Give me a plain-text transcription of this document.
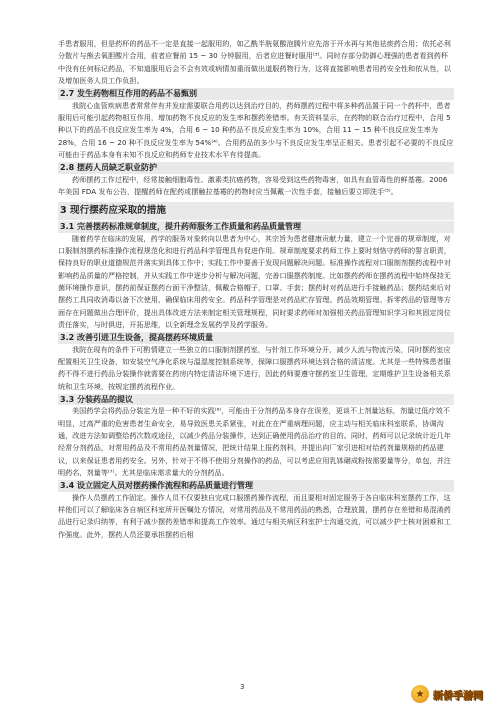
手患者服用，但是药杯的药品不一定是直接一起服用的，如乙酰半胱氨酸泡腾片应先溶于开水再与其他祛痰药合用；依托必利分散片与熊去氧胆酸片合用，前者应餐前 15 ~ 30 分钟服用，后者应进餐时服用⁽³⁾。同时存部分防御心理强的患者看到药杯中没有任何标记药品，不知道服用后会不会有效或病情加重而做出道服药物行为，这将直接影响患者用药安全性和依从性，以及增加医务人员工作负担。

2.7 发生药物相互作用的药品不易甄别

我院心血管疾病患者常常伴有并发症需要联合用药以达到治疗目的，药师摆药过程中将多种药品置于同一个药杯中，患者服用后可能引起药物相互作用，增加药物不良反应的发生率和摆药差错率。有关资料显示，在药物的联合治疗过程中，合用 5 种以下的药品不良反应发生率为 4%，合用 6 ~ 10 种药品不良反应发生率为 10%，合用 11 ~ 15 种不良反应发生率为 28%，合用 16 ~ 20 种不良反应发生率为 54%⁽⁴⁾。合用药品的多少与不良反应发生率呈正相关。患者引起不必要的不良反应可能由于药品本身有未知不良反应和药师专业技术水平有待提高。

2.8 摆药人员缺乏职业防护

药师摆药工作过程中，经常接触细胞毒性、激素类抗癌药物，容易受到这些药物毒害，如具有血管毒性的鲜基霉。2006 年美国 FDA 发布公告，提醒药师在配药或摆触拉基霉的药物时应当佩戴一次性手套，接触后要立即洗手⁽⁵⁾。

3 现行摆药应采取的措施
3.1 完善摆药标准规章制度，提升药师服务工作质量和药品质量管理

随着药学在临床的发展，药学的服务对象转向以患者为中心，其宗旨为患者健康贡献力量，建立一个完善的规章制度，对口服制剂摆药标准操作流程规范化和进行药品科学管理具有促进作用。规章制度要求药师工作上要时刻恪守药师的誓言职责，保持良好的职业道德规范并落实到具体工作中；实践工作中要善于发现问题解决问题。标准操作流程对口服制剂摆药流程中对影响药品质量的严格控制，并从实践工作中逐步分析与解决问题，完善口服摆药制度。比如摆药药师在摆药流程中始终保持无菌环境操作意识，摆药前保证摆药台面干净整洁，佩戴合格帽子，口罩、手套；摆药时对药品进行手接触药品；摆药结束后对摆药工具同收消毒以备下次使用，确保临床用药安全。药品科学管理是对药品贮存管理。药品效期管理、拆零药品的管理等方面存在问题做出合理评价，提出具体改进方法来制定相关管理规程，同时要求药师对加强相关药品管理知识学习和其固定岗位责任落实，与时俱进，开拓思维，以全新理念发展药学及药学服务。

3.2 改善引进卫生设备，提高摆药环境质量

我院在现有的条件下可酌情建立一些独立的口服制剂摆药室，与针剂工作环境分开，减少人流与物流污染，同时摆药室应配置相关卫生设备，如安装空气净化系统与温湿度控制系统等，保障口服摆药环境达到合格的清洁度。尤其是一些特殊患者服药不得不进行药品分装操作就需要在药房内特定清洁环境下进行，因此药师要遵守摆药室卫生管理，定期维护卫生设备相关系统和卫生环境，按规定摆药流程作业。

3.3 分装药品的提议

美国药学会将药品分装定为是一种不好的实践⁽⁶⁾，可能由于分剂药品本身存在误差，更谈不上剂量达标，剂量过低疗效不明显，过高严重的危害患者生命安全，易导致医患关系紧张，对此在在严重病理问题，应主动与相关临床科室联系，协调沟通，改进方法如调整给药次数或途径，以减少药品分装操作，达到正确使用药品治疗的目的。同时，药师可以记录统计近几年经常分剂药品，对常用药品及不常用药品剂量情况，把统计结果上报药剂科，并提出向厂家引进相对给药剂量规格的药品建议，以来保证患者用药安全。另外，针对于不得不使用分剂操作的药品，可以考虑应用乳钵碾成粉按需要量等分，单包，并注明药名，剂量等⁽⁷⁾。尤其是临床需求量大的分剂药品。

3.4 设立固定人员对摆药操作流程和药品质量进行管理

操作人员摆药工作固定。操作人员不仅要独自完成口服摆药操作流程，而且要相对固定服务于各自临床科室摆药工作，这样他们可以了解临床各自病区科室所开医嘱处方情况，对常用药品及不常用药品的熟悉，合理放置，摆药存在差错和易混淆药品进行记录归纳等，有利于减少摆药差错率和提高工作效率。通过与相关病区科室护士沟通交流，可以减少护士核对困难和工作强度。此外，摆药人员还要承担摆药后相

3
★ 新侨手游网
